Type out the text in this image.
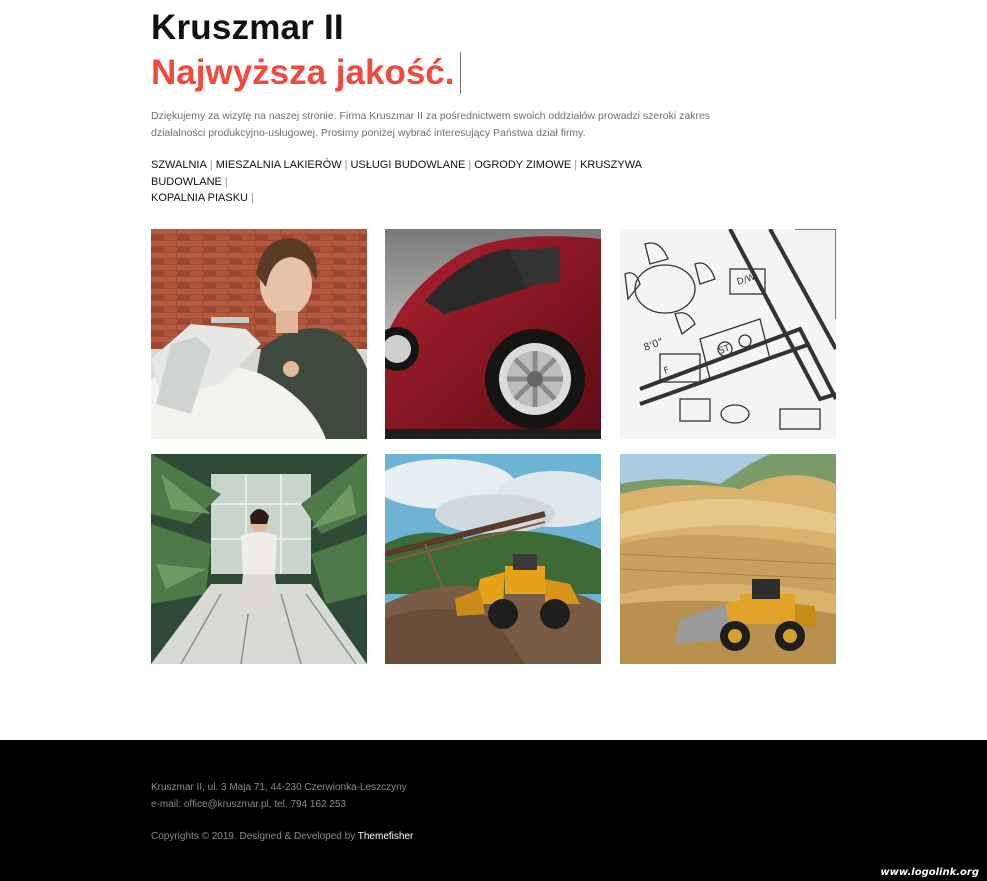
Kruszmar II
Najwyższa jakość.

Dziękujemy za wizytę na naszej stronie. Firma Kruszmar II za pośrednictwem swoich oddziałów prowadzi szeroki zakres działalności produkcyjno-usługowej. Prosimy poniżej wybrać interesujący Państwa dział firmy.

SZWALNIA | MIESZALNIA LAKIERÓW | USŁUGI BUDOWLANE | OGRODY ZIMOWE | KRUSZYWA BUDOWLANE |
KOPALNIA PIASKU |
D/W
8'0"	ST
F
Kruszmar II, ul. 3 Maja 71, 44-230 Czerwionka-Leszczyny
e-mail: office@kruszmar.pl, tel. 794 162 253
Copyrights © 2019. Designed & Developed by Themefisher
www.logolink.org
